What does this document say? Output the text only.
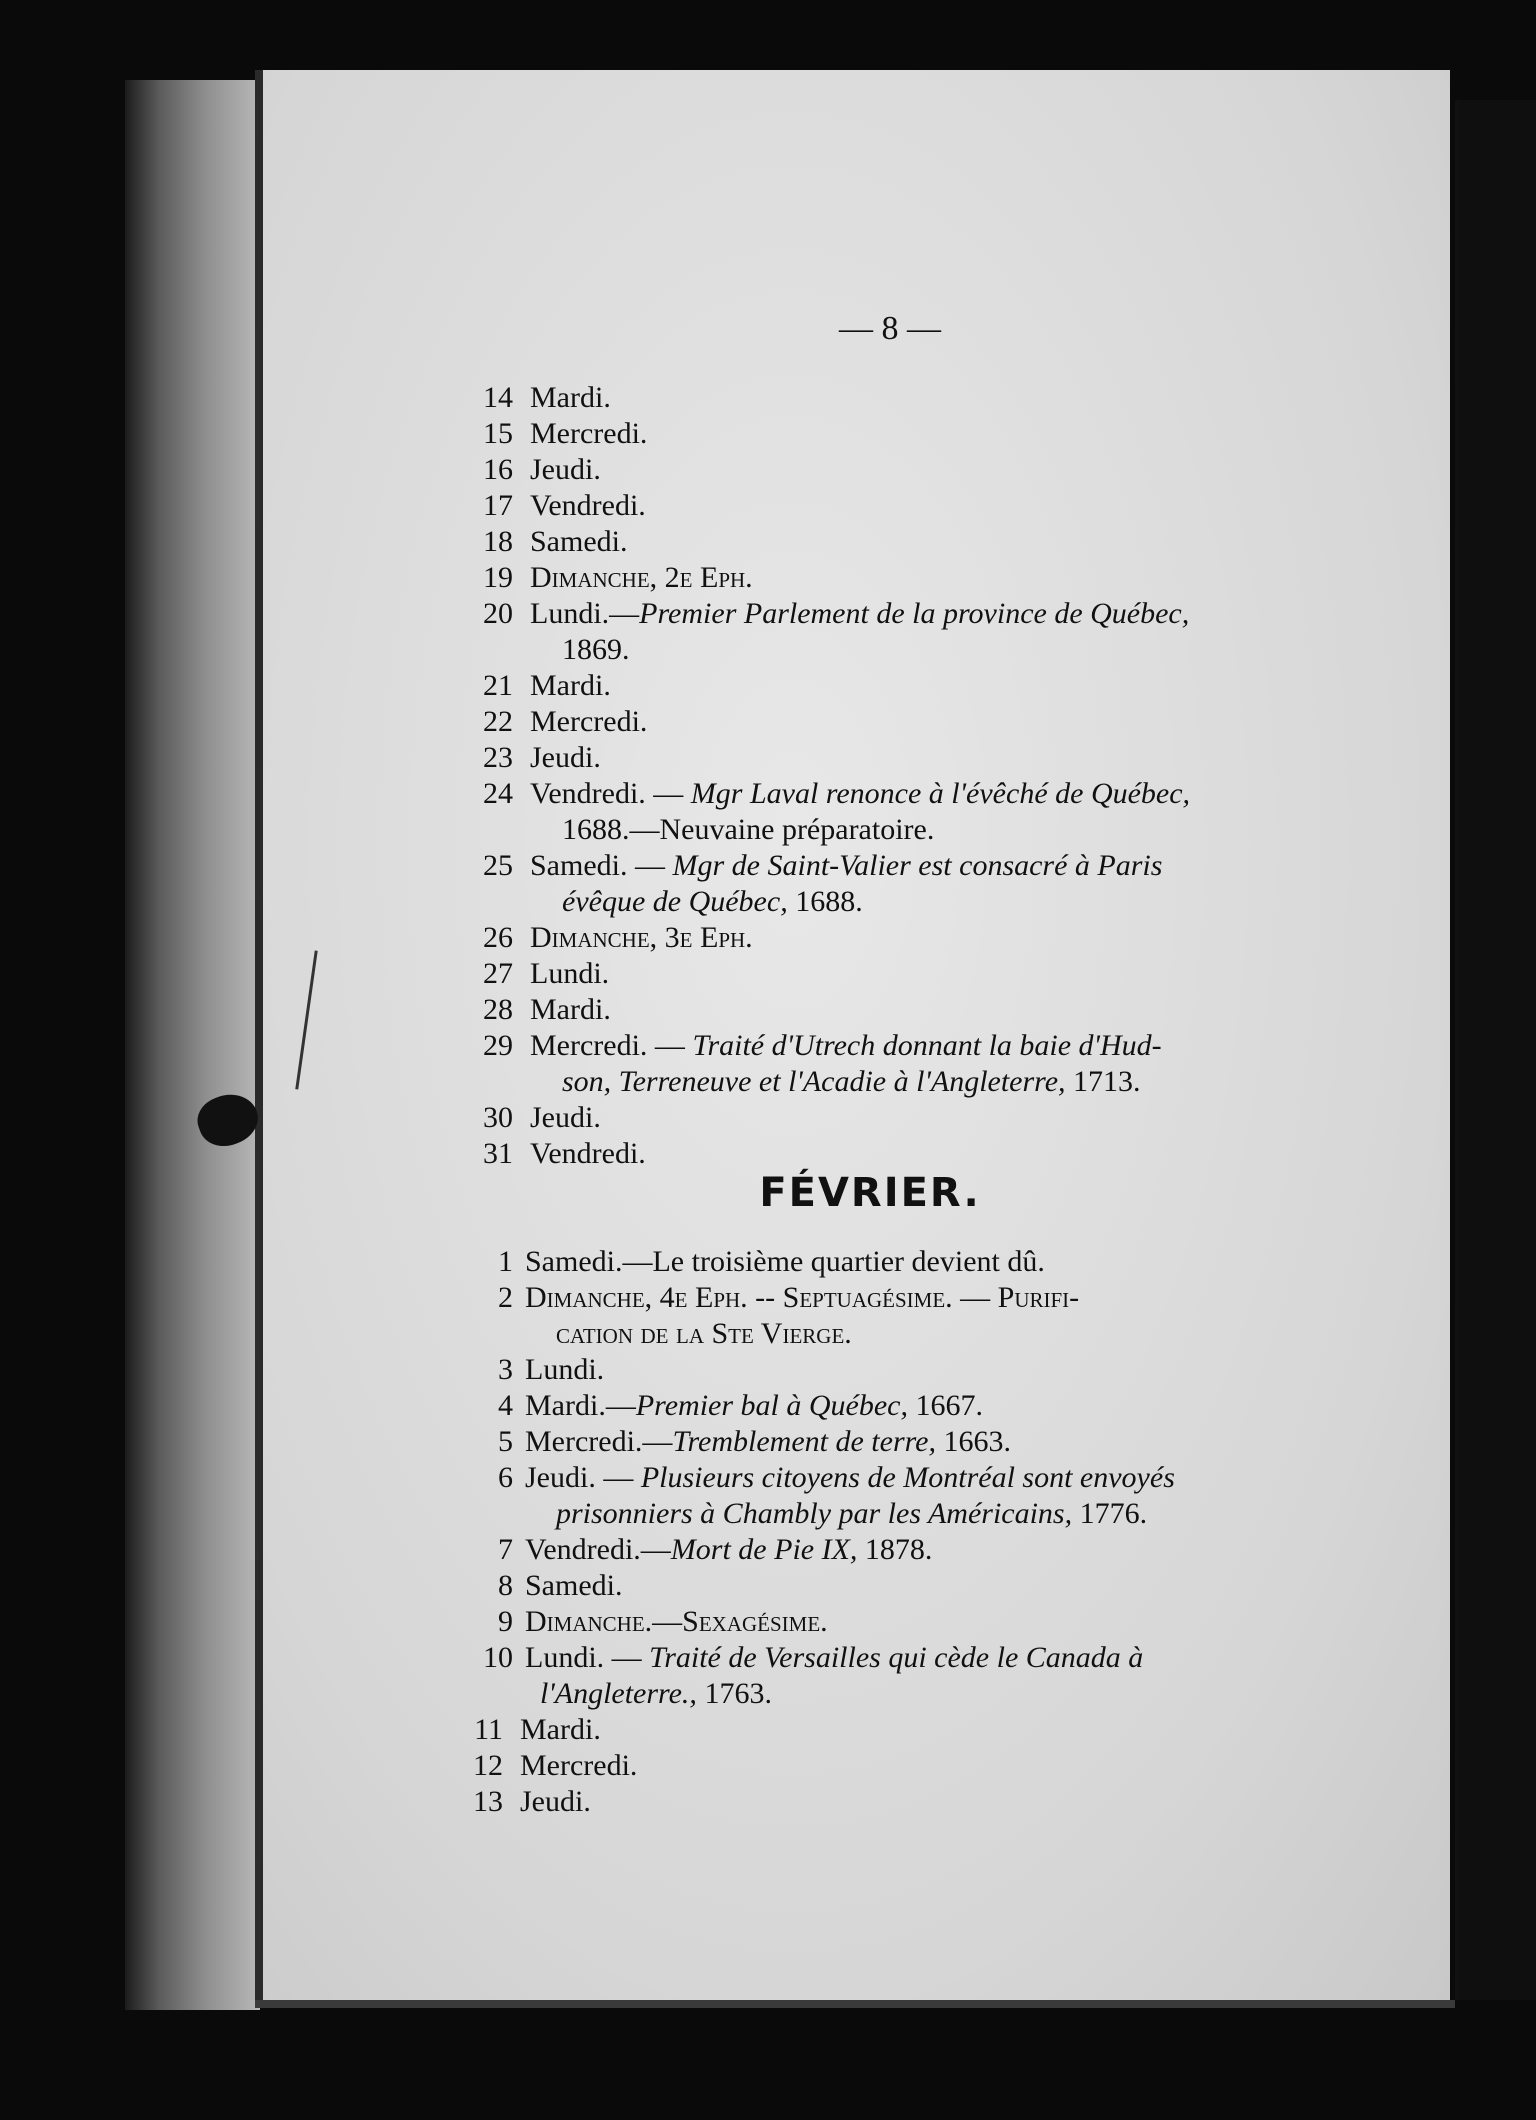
— 8 —
14 Mardi.
15 Mercredi.
16 Jeudi.
17 Vendredi.
18 Samedi.
19 Dimanche, 2e Eph.
20 Lundi.—Premier Parlement de la province de Québec,
1869.
21 Mardi.
22 Mercredi.
23 Jeudi.
24 Vendredi. — Mgr Laval renonce à l'évêché de Québec,
1688.—Neuvaine préparatoire.
25 Samedi. — Mgr de Saint-Valier est consacré à Paris
évêque de Québec, 1688.
26 Dimanche, 3e Eph.
27 Lundi.
28 Mardi.
29 Mercredi. — Traité d'Utrech donnant la baie d'Hud-
son, Terreneuve et l'Acadie à l'Angleterre, 1713.
30 Jeudi.
31 Vendredi.
FÉVRIER.
1 Samedi.—Le troisième quartier devient dû.
2 Dimanche, 4e Eph. -- Septuagésime. — Purifi-
cation de la Ste Vierge.
3 Lundi.
4 Mardi.—Premier bal à Québec, 1667.
5 Mercredi.—Tremblement de terre, 1663.
6 Jeudi. — Plusieurs citoyens de Montréal sont envoyés
prisonniers à Chambly par les Américains, 1776.
7 Vendredi.—Mort de Pie IX, 1878.
8 Samedi.
9 Dimanche.—Sexagésime.
10 Lundi. — Traité de Versailles qui cède le Canada à
l'Angleterre., 1763.
11 Mardi.
12 Mercredi.
13 Jeudi.
